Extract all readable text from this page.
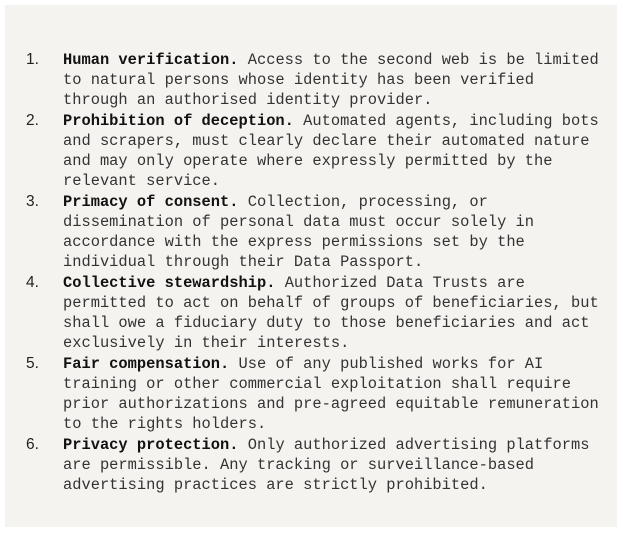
1. Human verification. Access to the second web is be limited to natural persons whose identity has been verified through an authorised identity provider.
2. Prohibition of deception. Automated agents, including bots and scrapers, must clearly declare their automated nature and may only operate where expressly permitted by the relevant service.
3. Primacy of consent. Collection, processing, or dissemination of personal data must occur solely in accordance with the express permissions set by the individual through their Data Passport.
4. Collective stewardship. Authorized Data Trusts are permitted to act on behalf of groups of beneficiaries, but shall owe a fiduciary duty to those beneficiaries and act exclusively in their interests.
5. Fair compensation. Use of any published works for AI training or other commercial exploitation shall require prior authorizations and pre-agreed equitable remuneration to the rights holders.
6. Privacy protection. Only authorized advertising platforms are permissible. Any tracking or surveillance-based advertising practices are strictly prohibited.
